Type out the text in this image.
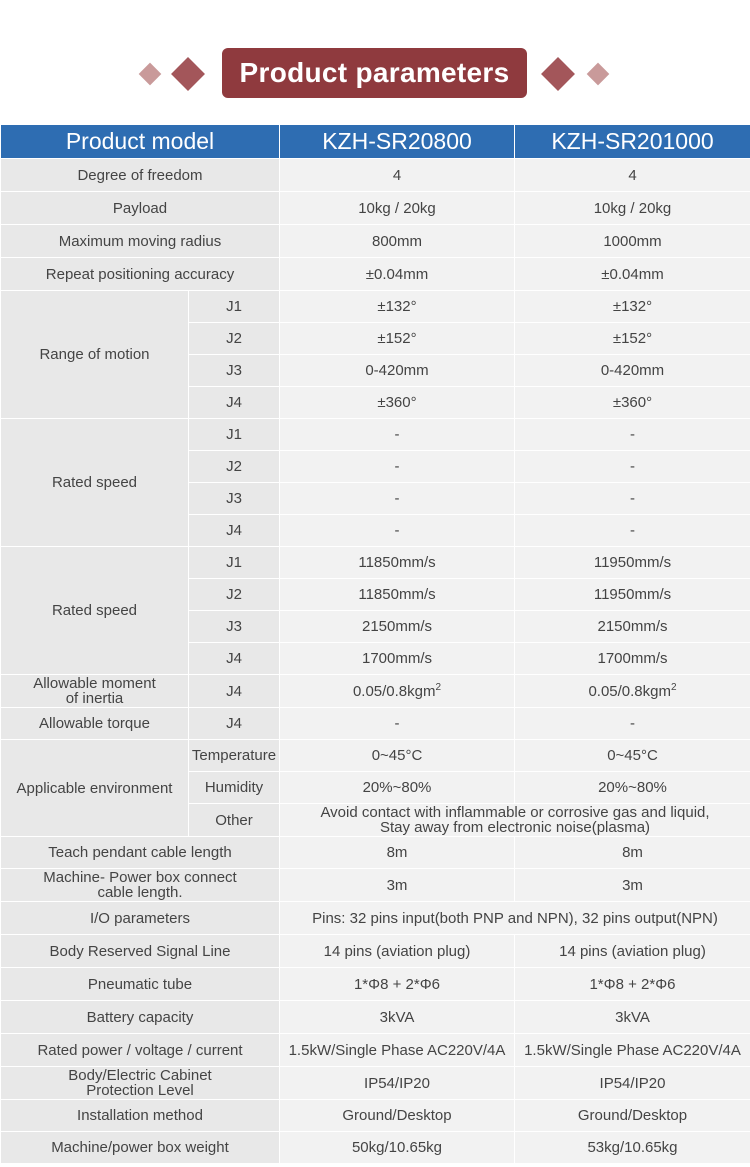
Product parameters
Product model		KZH-SR20800	KZH-SR201000
Degree of freedom		4	4
Payload		10kg / 20kg	10kg / 20kg
Maximum moving radius		800mm	1000mm
Repeat positioning accuracy		±0.04mm	±0.04mm
Range of motion	J1	±132°	±132°
	J2	±152°	±152°
	J3	0-420mm	0-420mm
	J4	±360°	±360°
Rated speed	J1	-	-
	J2	-	-
	J3	-	-
	J4	-	-
Rated speed	J1	11850mm/s	11950mm/s
	J2	11850mm/s	11950mm/s
	J3	2150mm/s	2150mm/s
	J4	1700mm/s	1700mm/s
Allowable moment
of inertia	J4	0.05/0.8kgm$^2$	0.05/0.8kgm$^2$
Allowable torque	J4	-	-
Applicable environment	Temperature	0~45°C	0~45°C
	Humidity	20%~80%	20%~80%
	Other	Avoid contact with inflammable or corrosive gas and liquid,
Stay away from electronic noise(plasma)	
Teach pendant cable length		8m	8m
Machine- Power box connect
cable length.		3m	3m
I/O parameters		Pins: 32 pins input(both PNP and NPN), 32 pins output(NPN)	
Body Reserved Signal Line		14 pins (aviation plug)	14 pins (aviation plug)
Pneumatic tube		1*Φ8 + 2*Φ6	1*Φ8 + 2*Φ6
Battery capacity		3kVA	3kVA
Rated power / voltage / current		1.5kW/Single Phase AC220V/4A	1.5kW/Single Phase AC220V/4A
Body/Electric Cabinet
Protection Level		IP54/IP20	IP54/IP20
Installation method		Ground/Desktop	Ground/Desktop
Machine/power box weight		50kg/10.65kg	53kg/10.65kg
